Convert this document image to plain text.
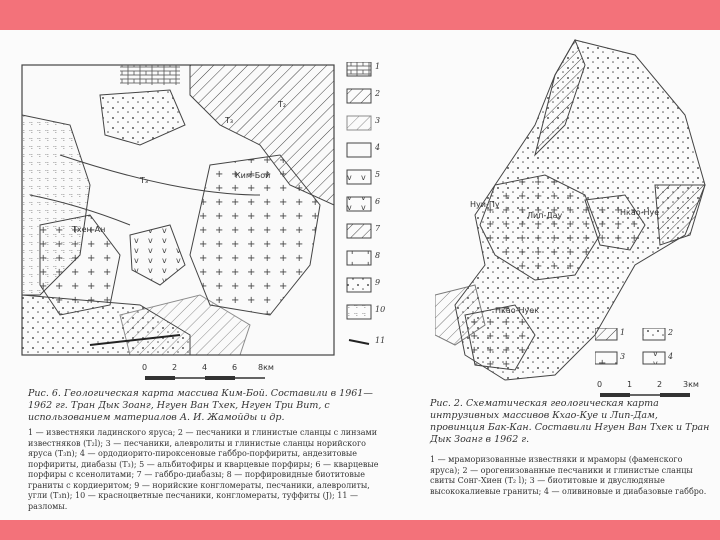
Ким-Бой
T₃
T₃
T₂
Тхен-Ан
1
2
3
4
5
6
7
8
9
10
11
0	2	4	6	8км
Рис. 6. Геологическая карта массива Ким-Бой. Составили в 1961—1962 гг. Тран Дык Зоанг, Нгуен Ван Тхек, Нгуен Три Вит, с использованием материалов А. И. Жамойды и др.
1 — известняки ладинского яруса; 2 — песчаники и глинистые сланцы с линзами известняков (T₂l); 3 — песчаники, алевролиты и глинистые сланцы норийского яруса (T₃n); 4 — ордодиорито-пироксеновые габбро-порфириты, андезитовые порфириты, диабазы (T₃); 5 — альбитофиры и кварцевые порфиры; 6 — кварцевые порфиры с ксенолитами; 7 — габбро-диабазы; 8 — порфировидные биотитовые граниты с кордиеритом; 9 — норийские конгломераты, песчаники, алевролиты, угли (T₃n); 10 — красноцветные песчаники, конгломераты, туффиты (J); 11 — разломы.
Нуи-Пу
Лип-Дау	Нкао-Нуе
Нкао-Нуек
1	2
3	4
0	1	2	3км
Рис. 2. Схематическая геологическая карта интрузивных массивов Кхао-Куе и Лип-Дам, провинция Бак-Кан. Составили Нгуен Ван Тхек и Тран Дык Зоанг в 1962 г.
1 — мраморизованные известняки и мраморы (фаменского яруса); 2 — орогенизованные песчаники и глинистые сланцы свиты Сонг-Хиен (T₂ l); 3 — биотитовые и двуслюдяные высококалиевые граниты; 4 — оливиновые и диабазовые габбро.
